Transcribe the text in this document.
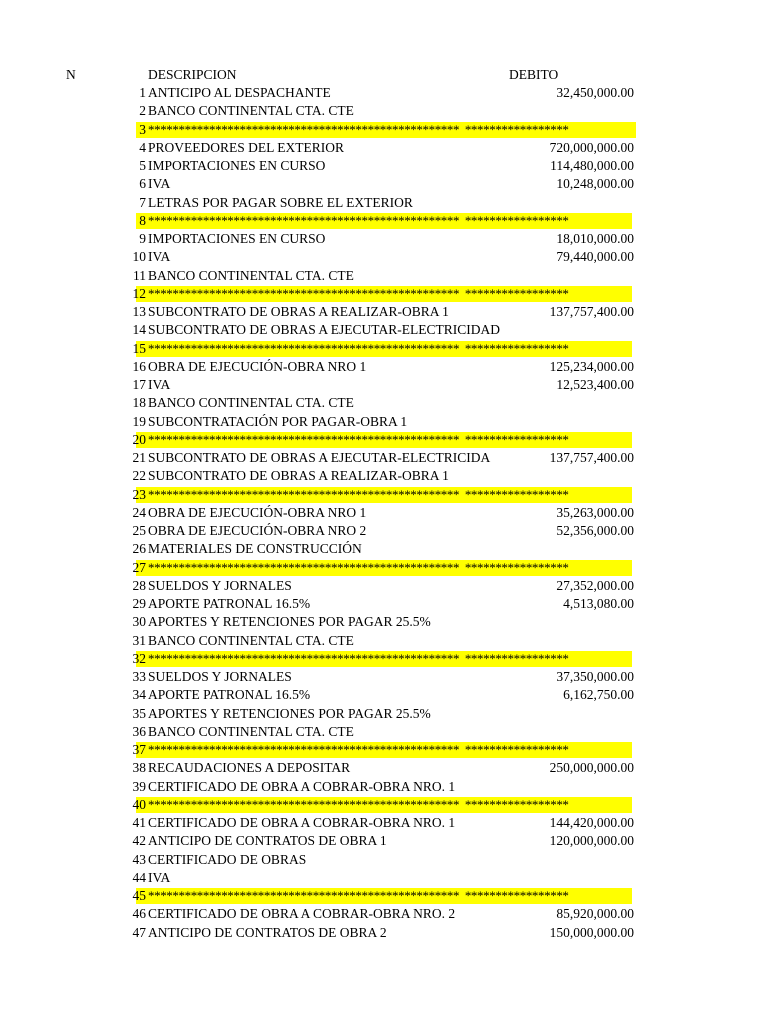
N	DESCRIPCION	DEBITO
1 ANTICIPO AL DESPACHANTE	32,450,000.00
2 BANCO CONTINENTAL CTA. CTE
3 *************************************************** *****************
4 PROVEEDORES DEL EXTERIOR	720,000,000.00
5 IMPORTACIONES EN CURSO	114,480,000.00
6 IVA	10,248,000.00
7 LETRAS POR PAGAR SOBRE EL EXTERIOR
8 *************************************************** *****************
9 IMPORTACIONES EN CURSO	18,010,000.00
10 IVA	79,440,000.00
11 BANCO CONTINENTAL CTA. CTE
12 *************************************************** *****************
13 SUBCONTRATO DE OBRAS A REALIZAR-OBRA 1	137,757,400.00
14 SUBCONTRATO DE OBRAS A EJECUTAR-ELECTRICIDAD
15 *************************************************** *****************
16 OBRA DE EJECUCIÓN-OBRA NRO 1	125,234,000.00
17 IVA	12,523,400.00
18 BANCO CONTINENTAL CTA. CTE
19 SUBCONTRATACIÓN POR PAGAR-OBRA 1
20 *************************************************** *****************
21 SUBCONTRATO DE OBRAS A EJECUTAR-ELECTRICIDA	137,757,400.00
22 SUBCONTRATO DE OBRAS A REALIZAR-OBRA 1
23 *************************************************** *****************
24 OBRA DE EJECUCIÓN-OBRA NRO 1	35,263,000.00
25 OBRA DE EJECUCIÓN-OBRA NRO 2	52,356,000.00
26 MATERIALES DE CONSTRUCCIÓN
27 *************************************************** *****************
28 SUELDOS Y JORNALES	27,352,000.00
29 APORTE PATRONAL 16.5%	4,513,080.00
30 APORTES Y RETENCIONES POR PAGAR 25.5%
31 BANCO CONTINENTAL CTA. CTE
32 *************************************************** *****************
33 SUELDOS Y JORNALES	37,350,000.00
34 APORTE PATRONAL 16.5%	6,162,750.00
35 APORTES Y RETENCIONES POR PAGAR 25.5%
36 BANCO CONTINENTAL CTA. CTE
37 *************************************************** *****************
38 RECAUDACIONES A DEPOSITAR	250,000,000.00
39 CERTIFICADO DE OBRA A COBRAR-OBRA NRO. 1
40 *************************************************** *****************
41 CERTIFICADO DE OBRA A COBRAR-OBRA NRO. 1	144,420,000.00
42 ANTICIPO DE CONTRATOS DE OBRA 1	120,000,000.00
43 CERTIFICADO DE OBRAS
44 IVA
45 *************************************************** *****************
46 CERTIFICADO DE OBRA A COBRAR-OBRA NRO. 2	85,920,000.00
47 ANTICIPO DE CONTRATOS DE OBRA 2	150,000,000.00
